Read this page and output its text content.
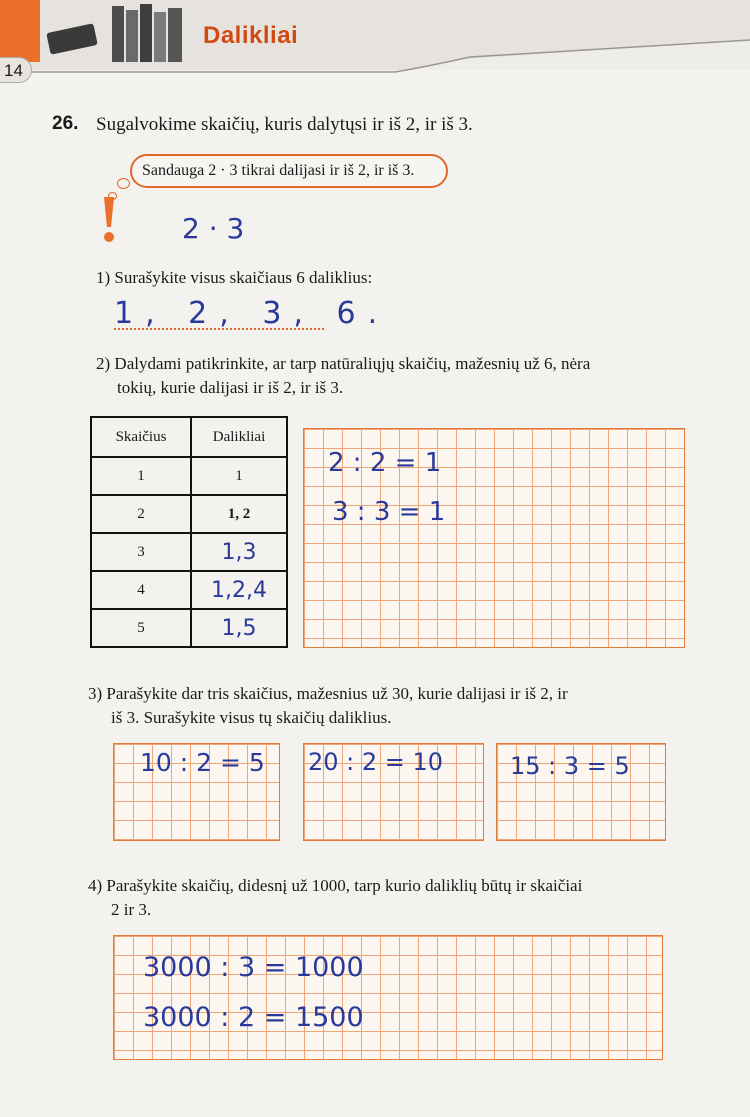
14
Dalikliai
26. Sugalvokime skaičių, kuris dalytųsi ir iš 2, ir iš 3.
Sandauga 2 · 3 tikrai dalijasi ir iš 2, ir iš 3.
2 · 3
1) Surašykite visus skaičiaus 6 daliklius:
1, 2, 3, 6.
2) Dalydami patikrinkite, ar tarp natūraliųjų skaičių, mažesnių už 6, nėra
tokių, kurie dalijasi ir iš 2, ir iš 3.
Skaičius	Dalikliai
1	1
2	1, 2
3	1,3
4	1,2,4
5	1,5
2 : 2 = 1
3 : 3 = 1
3) Parašykite dar tris skaičius, mažesnius už 30, kurie dalijasi ir iš 2, ir
iš 3. Surašykite visus tų skaičių daliklius.
10 : 2 = 5 20 : 2 = 10	15 : 3 = 5
4) Parašykite skaičių, didesnį už 1000, tarp kurio daliklių būtų ir skaičiai
2 ir 3.
3000 : 3 = 1000
3000 : 2 = 1500
